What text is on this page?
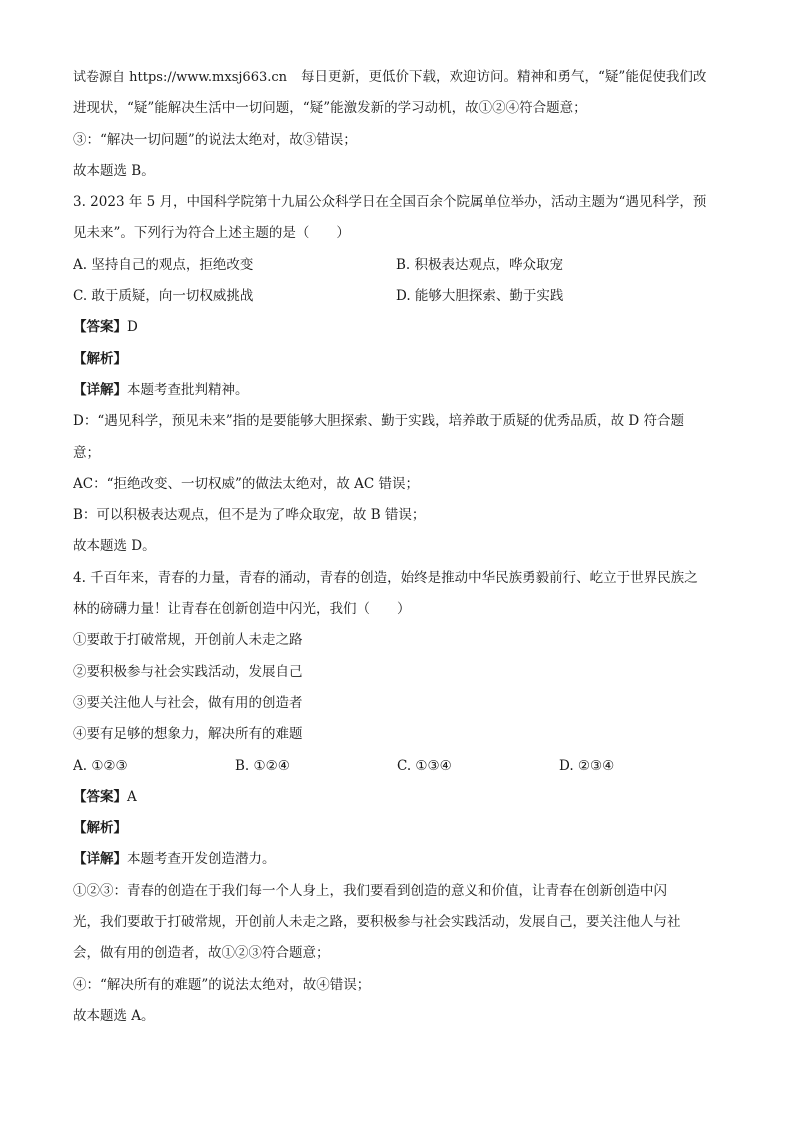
试卷源自 https://www.mxsj663.cn 每日更新，更低价下载，欢迎访问。精神和勇气，“疑”能促使我们改
进现状，“疑”能解决生活中一切问题，“疑”能激发新的学习动机，故①②④符合题意；
③：“解决一切问题”的说法太绝对，故③错误；
故本题选 B。
3. 2023 年 5 月，中国科学院第十九届公众科学日在全国百余个院属单位举办，活动主题为“遇见科学，预
见未来”。下列行为符合上述主题的是（　　）
A. 坚持自己的观点，拒绝改变	B. 积极表达观点，哗众取宠
C. 敢于质疑，向一切权威挑战	D. 能够大胆探索、勤于实践
【答案】D
【解析】
【详解】本题考查批判精神。
D：“遇见科学，预见未来”指的是要能够大胆探索、勤于实践，培养敢于质疑的优秀品质，故 D 符合题
意；
AC：“拒绝改变、一切权威”的做法太绝对，故 AC 错误；
B：可以积极表达观点，但不是为了哗众取宠，故 B 错误；
故本题选 D。
4. 千百年来，青春的力量，青春的涌动，青春的创造，始终是推动中华民族勇毅前行、屹立于世界民族之
林的磅礴力量！让青春在创新创造中闪光，我们（　　）
①要敢于打破常规，开创前人未走之路
②要积极参与社会实践活动，发展自己
③要关注他人与社会，做有用的创造者
④要有足够的想象力，解决所有的难题
A. ①②③	B. ①②④	C. ①③④	D. ②③④
【答案】A
【解析】
【详解】本题考查开发创造潜力。
①②③：青春的创造在于我们每一个人身上，我们要看到创造的意义和价值，让青春在创新创造中闪
光，我们要敢于打破常规，开创前人未走之路，要积极参与社会实践活动，发展自己，要关注他人与社
会，做有用的创造者，故①②③符合题意；
④：“解决所有的难题”的说法太绝对，故④错误；
故本题选 A。
